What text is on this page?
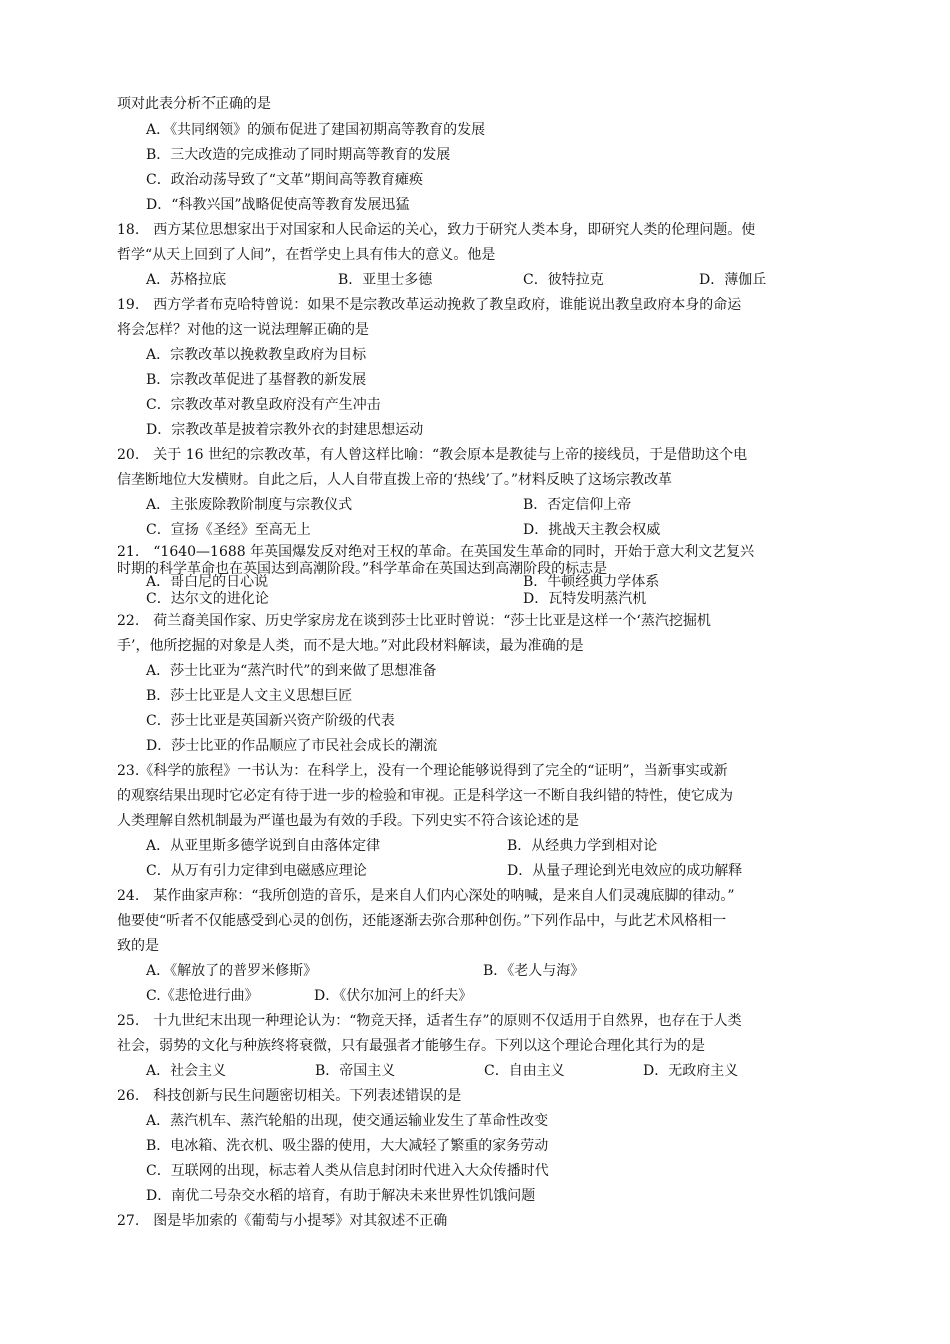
项对此表分析不正确 · · ·的是
A．《共同纲领》的颁布促进了建国初期高等教育的发展
B．三大改造的完成推动了同时期高等教育的发展
C．政治动荡导致了“文革”期间高等教育瘫痪
D．“科教兴国”战略促使高等教育发展迅猛
18.　西方某位思想家出于对国家和人民命运的关心，致力于研究人类本身，即研究人类的伦理问题。使
哲学“从天上回到了人间”，在哲学史上具有伟大的意义。他是
A．苏格拉底	B．亚里士多德	C．彼特拉克	D．薄伽丘
19.　西方学者布克哈特曾说：如果不是宗教改革运动挽救了教皇政府，谁能说出教皇政府本身的命运
将会怎样？对他的这一说法理解正确的是
A．宗教改革以挽救教皇政府为目标
B．宗教改革促进了基督教的新发展
C．宗教改革对教皇政府没有产生冲击
D．宗教改革是披着宗教外衣的封建思想运动
20.　关于 16 世纪的宗教改革，有人曾这样比喻：“教会原本是教徒与上帝的接线员，于是借助这个电
信垄断地位大发横财。自此之后，人人自带直拨上帝的‘热线’了。”材料反映了这场宗教改革
A．主张废除教阶制度与宗教仪式	B．否定信仰上帝
C．宣扬《圣经》至高无上	D．挑战天主教会权威
21.　“1640—1688 年英国爆发反对绝对王权的革命。在英国发生革命的同时，开始于意大利文艺复兴
时期的科学革命也在英国达到高潮阶段。”科学革命在英国达到高潮阶段的标志是
A．哥白尼的日心说	B．牛顿经典力学体系
C．达尔文的进化论	D．瓦特发明蒸汽机
22.　荷兰裔美国作家、历史学家房龙在谈到莎士比亚时曾说：“莎士比亚是这样一个‘蒸汽挖掘机
手’，他所挖掘的对象是人类，而不是大地。”对此段材料解读，最为准确的是
A．莎士比亚为“蒸汽时代”的到来做了思想准备
B．莎士比亚是人文主义思想巨匠
C．莎士比亚是英国新兴资产阶级的代表
D．莎士比亚的作品顺应了市民社会成长的潮流
23.《科学的旅程》一书认为：在科学上，没有一个理论能够说得到了完全的“证明”，当新事实或新
的观察结果出现时它必定有待于进一步的检验和审视。正是科学这一不断自我纠错的特性，使它成为
人类理解自然机制最为严谨也最为有效的手段。下列史实不符合该论述的是
A．从亚里斯多德学说到自由落体定律	B．从经典力学到相对论
C．从万有引力定律到电磁感应理论	D．从量子理论到光电效应的成功解释
24.　某作曲家声称：“我所创造的音乐，是来自人们内心深处的呐喊，是来自人们灵魂底脚的律动。”
他要使“听者不仅能感受到心灵的创伤，还能逐渐去弥合那种创伤。”下列作品中，与此艺术风格相一
致的是
A．《解放了的普罗米修斯》	B．《老人与海》
C.《悲怆进行曲》	D．《伏尔加河上的纤夫》
25.　十九世纪末出现一种理论认为：“物竞天择，适者生存”的原则不仅适用于自然界，也存在于人类
社会，弱势的文化与种族终将衰微，只有最强者才能够生存。下列以这个理论合理化其行为的是
A．社会主义	B．帝国主义	C．自由主义	D．无政府主义
26.　科技创新与民生问题密切相关。下列表述错误的是
A．蒸汽机车、蒸汽轮船的出现，使交通运输业发生了革命性改变
B．电冰箱、洗衣机、吸尘器的使用，大大减轻了繁重的家务劳动
C．互联网的出现，标志着人类从信息封闭时代进入大众传播时代
D．南优二号杂交水稻的培育，有助于解决未来世界性饥饿问题
27.　图是毕加索的《葡萄与小提琴》对其叙述不正确
